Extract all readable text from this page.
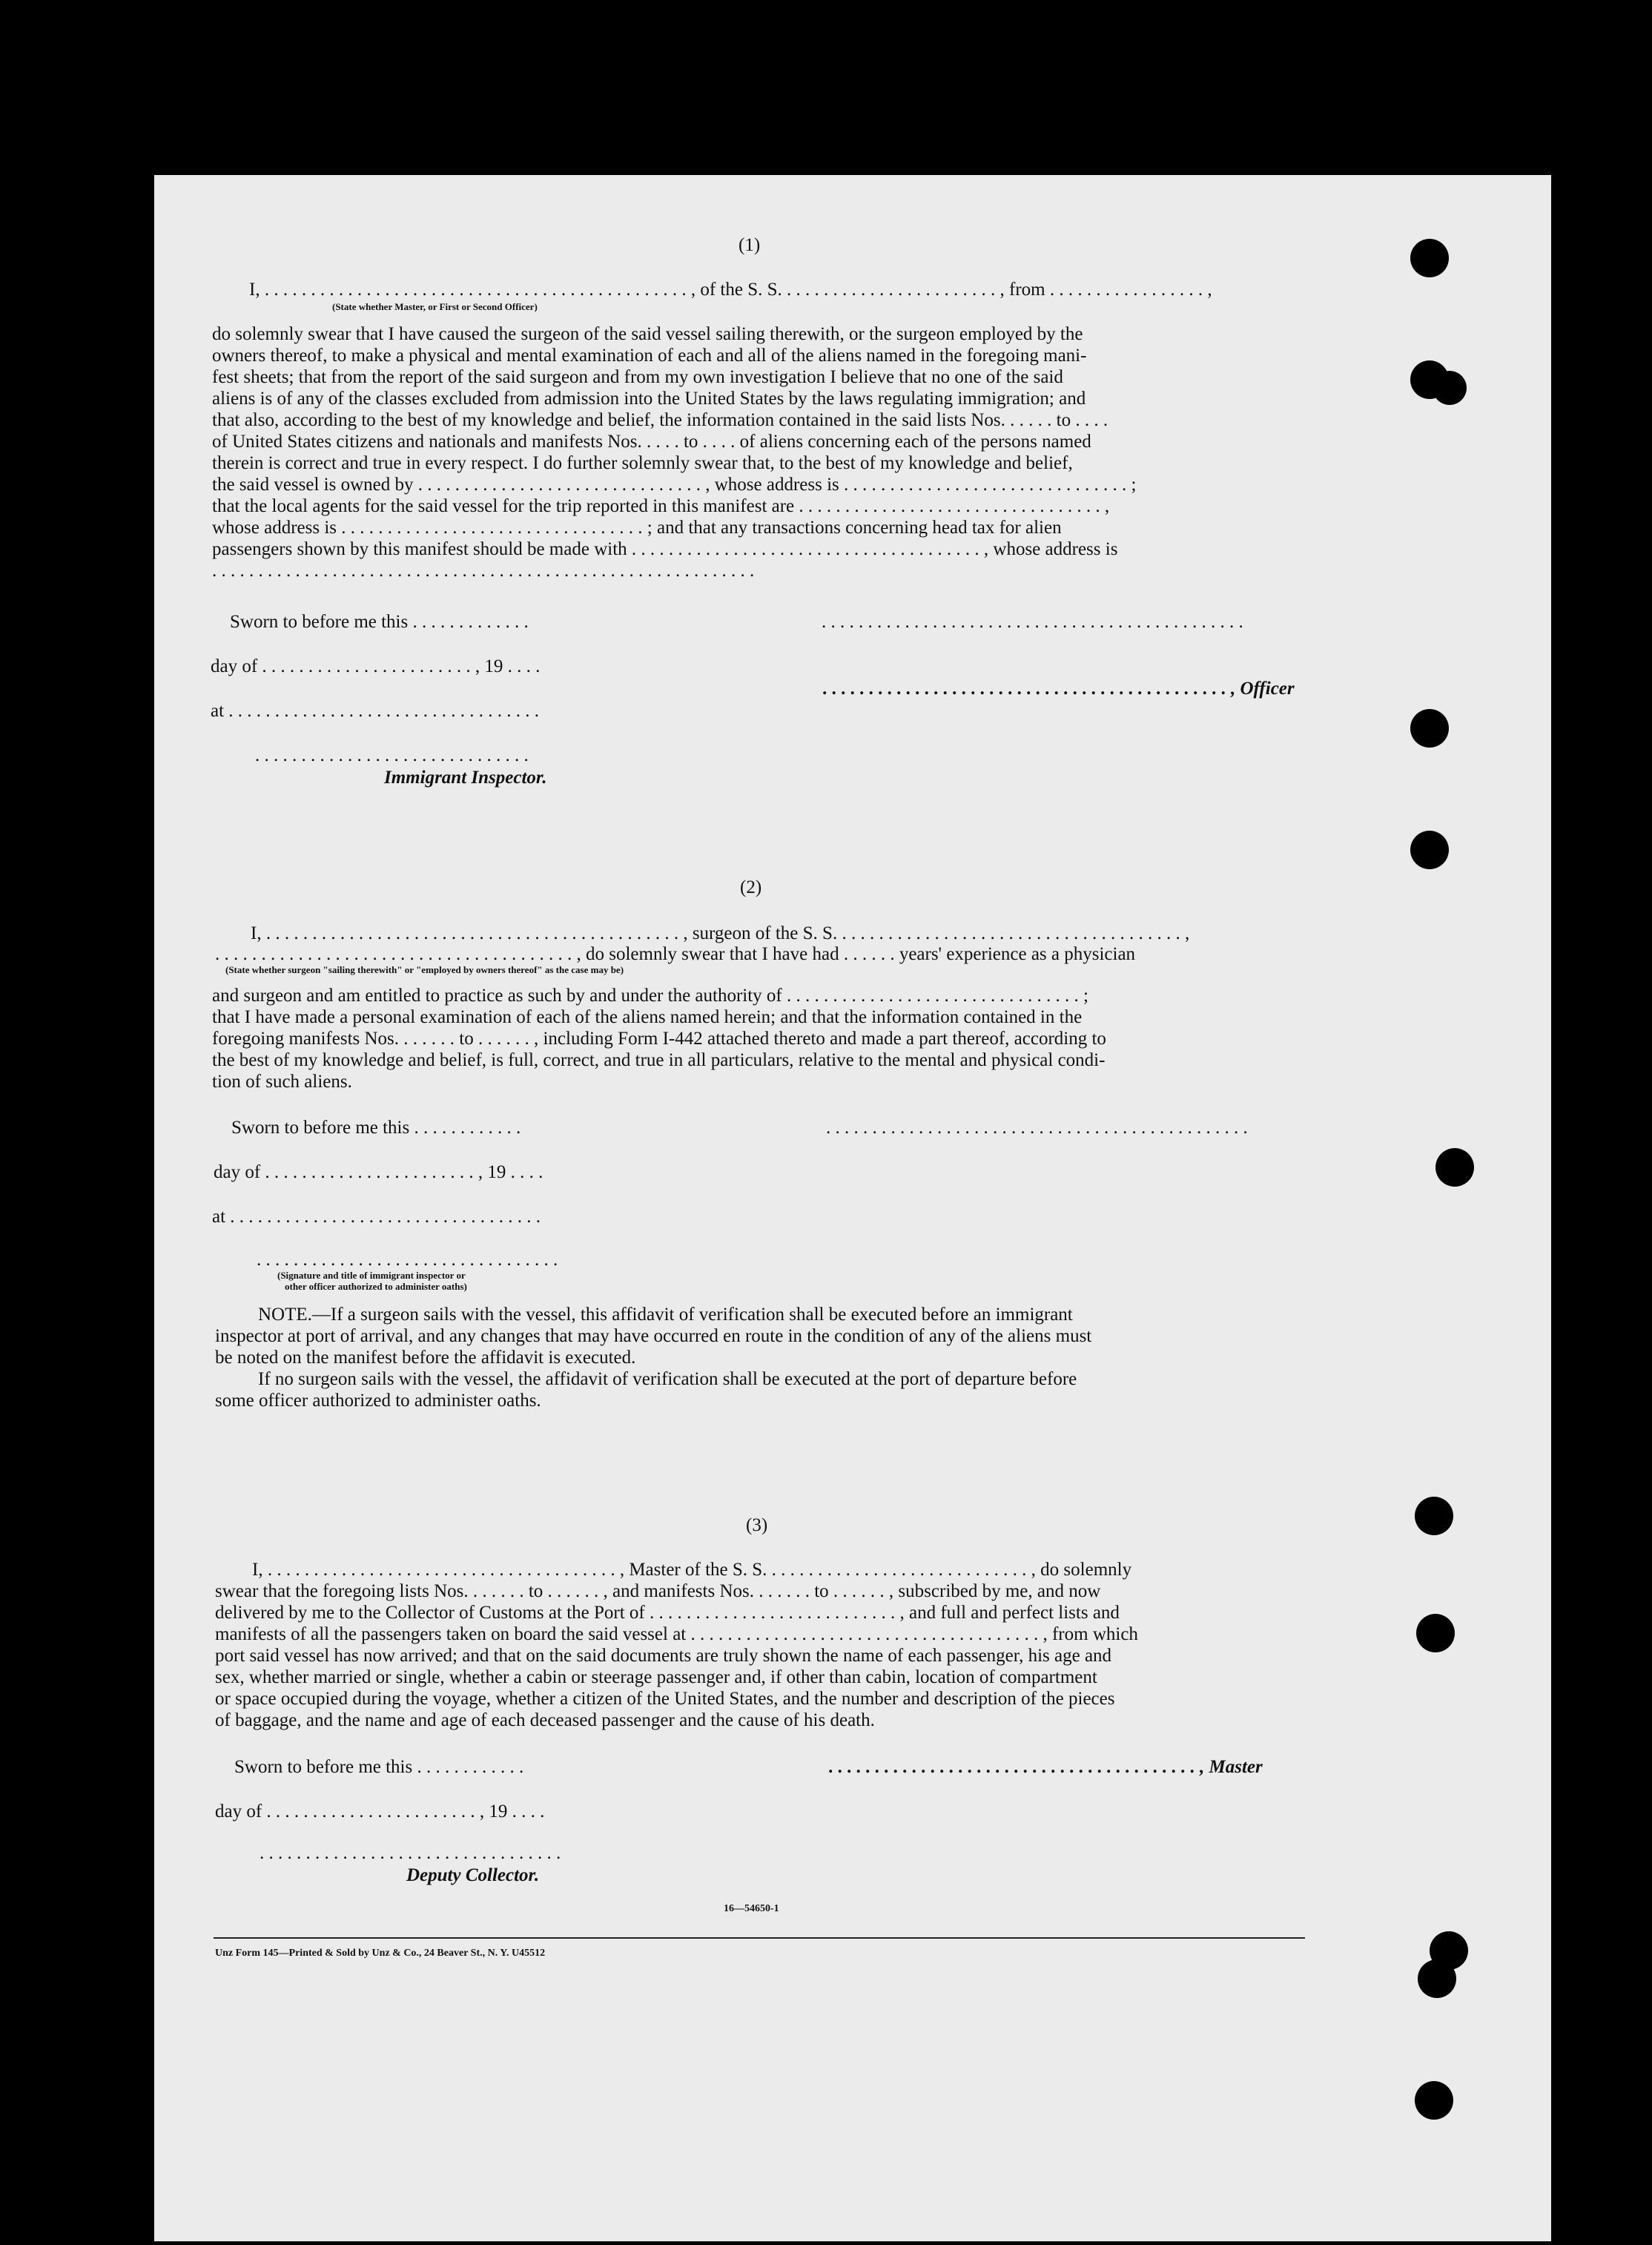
(1)
I, . . . . . . . . . . . . . . . . . . . . . . . . . . . . . . . . . . . . . . . . . . . . . . , of the S. S. . . . . . . . . . . . . . . . . . . . . . . . , from . . . . . . . . . . . . . . . . . ,
(State whether Master, or First or Second Officer)
do solemnly swear that I have caused the surgeon of the said vessel sailing therewith, or the surgeon employed by the
owners thereof, to make a physical and mental examination of each and all of the aliens named in the foregoing mani-
fest sheets; that from the report of the said surgeon and from my own investigation I believe that no one of the said
aliens is of any of the classes excluded from admission into the United States by the laws regulating immigration; and
that also, according to the best of my knowledge and belief, the information contained in the said lists Nos. . . . . . to . . . .
of United States citizens and nationals and manifests Nos. . . . . to . . . . of aliens concerning each of the persons named
therein is correct and true in every respect. I do further solemnly swear that, to the best of my knowledge and belief,
the said vessel is owned by . . . . . . . . . . . . . . . . . . . . . . . . . . . . . . . , whose address is . . . . . . . . . . . . . . . . . . . . . . . . . . . . . . . ;
that the local agents for the said vessel for the trip reported in this manifest are . . . . . . . . . . . . . . . . . . . . . . . . . . . . . . . . . ,
whose address is . . . . . . . . . . . . . . . . . . . . . . . . . . . . . . . . . ; and that any transactions concerning head tax for alien
passengers shown by this manifest should be made with . . . . . . . . . . . . . . . . . . . . . . . . . . . . . . . . . . . . . . , whose address is
. . . . . . . . . . . . . . . . . . . . . . . . . . . . . . . . . . . . . . . . . . . . . . . . . . . . . . . . . . .
Sworn to before me this . . . . . . . . . . . . .	. . . . . . . . . . . . . . . . . . . . . . . . . . . . . . . . . . . . . . . . . . . . . .
day of . . . . . . . . . . . . . . . . . . . . . . . , 19 . . . .
. . . . . . . . . . . . . . . . . . . . . . . . . . . . . . . . . . . . . . . . . . . . , Officer
at . . . . . . . . . . . . . . . . . . . . . . . . . . . . . . . . . .
. . . . . . . . . . . . . . . . . . . . . . . . . . . . . .
Immigrant Inspector.
(2)
I, . . . . . . . . . . . . . . . . . . . . . . . . . . . . . . . . . . . . . . . . . . . . . , surgeon of the S. S. . . . . . . . . . . . . . . . . . . . . . . . . . . . . . . . . . . . . . ,
. . . . . . . . . . . . . . . . . . . . . . . . . . . . . . . . . . . . . . . , do solemnly swear that I have had . . . . . . years' experience as a physician
(State whether surgeon "sailing therewith" or "employed by owners thereof" as the case may be)
and surgeon and am entitled to practice as such by and under the authority of . . . . . . . . . . . . . . . . . . . . . . . . . . . . . . . . ;
that I have made a personal examination of each of the aliens named herein; and that the information contained in the
foregoing manifests Nos. . . . . . . to . . . . . . , including Form I-442 attached thereto and made a part thereof, according to
the best of my knowledge and belief, is full, correct, and true in all particulars, relative to the mental and physical condi-
tion of such aliens.
Sworn to before me this . . . . . . . . . . . .	. . . . . . . . . . . . . . . . . . . . . . . . . . . . . . . . . . . . . . . . . . . . . .
day of . . . . . . . . . . . . . . . . . . . . . . . , 19 . . . .
at . . . . . . . . . . . . . . . . . . . . . . . . . . . . . . . . . .
. . . . . . . . . . . . . . . . . . . . . . . . . . . . . . . . .
(Signature and title of immigrant inspector or
other officer authorized to administer oaths)
NOTE.—If a surgeon sails with the vessel, this affidavit of verification shall be executed before an immigrant
inspector at port of arrival, and any changes that may have occurred en route in the condition of any of the aliens must
be noted on the manifest before the affidavit is executed.
If no surgeon sails with the vessel, the affidavit of verification shall be executed at the port of departure before
some officer authorized to administer oaths.
(3)
I, . . . . . . . . . . . . . . . . . . . . . . . . . . . . . . . . . . . . . . , Master of the S. S. . . . . . . . . . . . . . . . . . . . . . . . . . . . . , do solemnly
swear that the foregoing lists Nos. . . . . . . to . . . . . . , and manifests Nos. . . . . . . to . . . . . . , subscribed by me, and now
delivered by me to the Collector of Customs at the Port of . . . . . . . . . . . . . . . . . . . . . . . . . . . , and full and perfect lists and
manifests of all the passengers taken on board the said vessel at . . . . . . . . . . . . . . . . . . . . . . . . . . . . . . . . . . . . . . , from which
port said vessel has now arrived; and that on the said documents are truly shown the name of each passenger, his age and
sex, whether married or single, whether a cabin or steerage passenger and, if other than cabin, location of compartment
or space occupied during the voyage, whether a citizen of the United States, and the number and description of the pieces
of baggage, and the name and age of each deceased passenger and the cause of his death.
Sworn to before me this . . . . . . . . . . . .	. . . . . . . . . . . . . . . . . . . . . . . . . . . . . . . . . . . . . . . . , Master
day of . . . . . . . . . . . . . . . . . . . . . . . , 19 . . . .
. . . . . . . . . . . . . . . . . . . . . . . . . . . . . . . . .
Deputy Collector.
16—54650-1
Unz Form 145—Printed & Sold by Unz & Co., 24 Beaver St., N. Y. U45512
